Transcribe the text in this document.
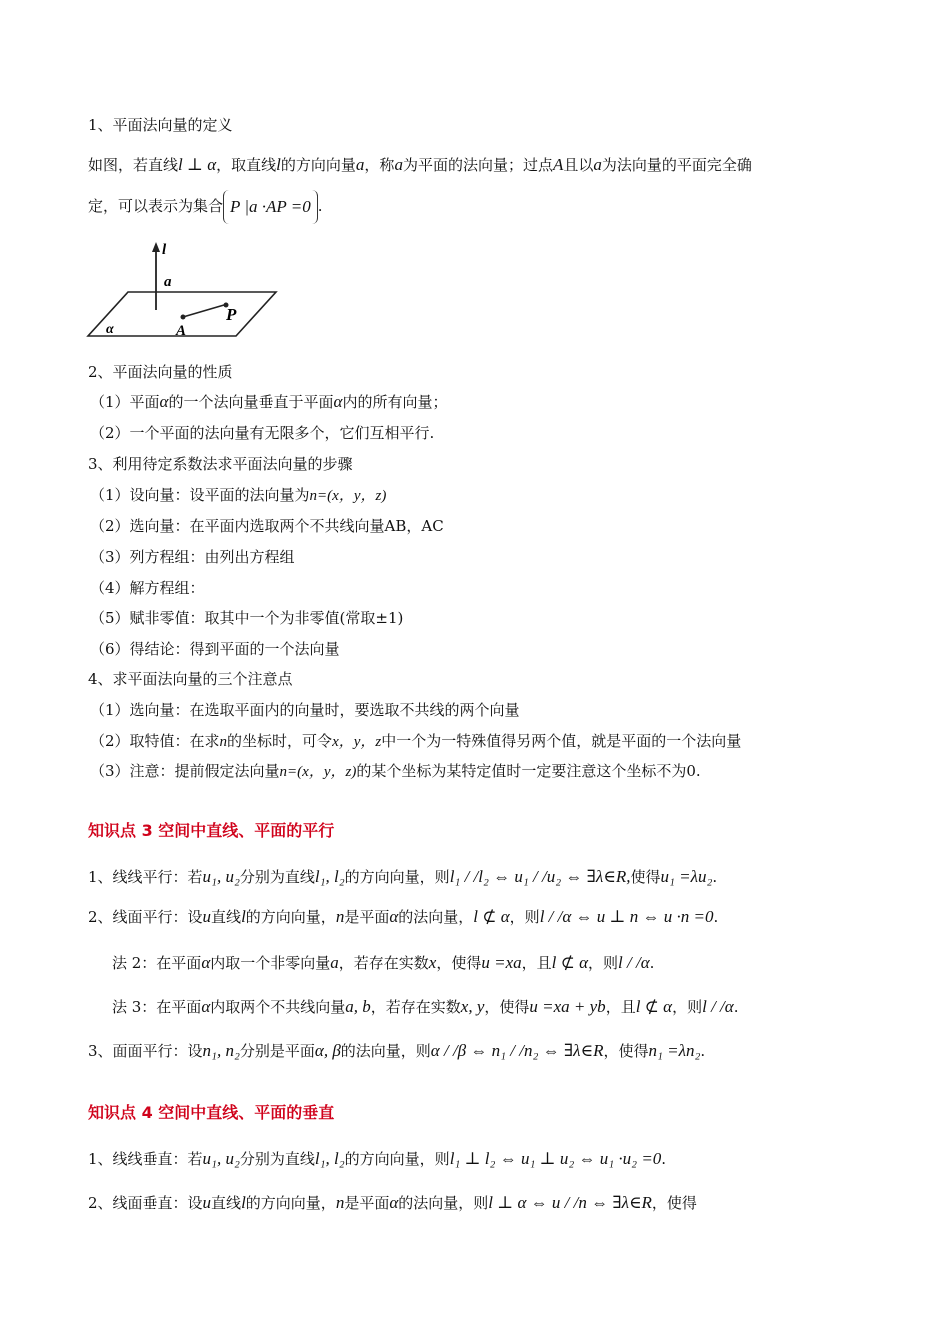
1、平面法向量的定义
如图，若直线l ⊥ α，取直线l的方向向量a，称a为平面的法向量；过点A且以a为法向量的平面完全确
定，可以表示为集合 P |a ·AP =0 .
l
a
A
P
α
2、平面法向量的性质
（1）平面α的一个法向量垂直于平面α内的所有向量；
（2）一个平面的法向量有无限多个，它们互相平行.
3、利用待定系数法求平面法向量的步骤
（1）设向量：设平面的法向量为n=(x，y，z)
（2）选向量：在平面内选取两个不共线向量AB，AC
（3）列方程组：由列出方程组
（4）解方程组：
（5）赋非零值：取其中一个为非零值(常取±1)
（6）得结论：得到平面的一个法向量
4、求平面法向量的三个注意点
（1）选向量：在选取平面内的向量时，要选取不共线的两个向量
（2）取特值：在求n的坐标时，可令x，y，z中一个为一特殊值得另两个值，就是平面的一个法向量
（3）注意：提前假定法向量n=(x，y，z)的某个坐标为某特定值时一定要注意这个坐标不为0.
知识点 3 空间中直线、平面的平行
1、线线平行：若u₁, u₂分别为直线l₁, l₂的方向向量，则l₁ / /l₂ ⇔ u₁ / /u₂ ⇔ ∃λ∈R,使得u₁ =λu₂.
2、线面平行：设u直线l的方向向量，n是平面α的法向量，l ⊄ α，则l / /α ⇔ u ⊥ n ⇔ u ·n =0.
法 2：在平面α内取一个非零向量a，若存在实数x，使得u =xa，且l ⊄ α，则l / /α.
法 3：在平面α内取两个不共线向量a, b，若存在实数x, y，使得u =xa + yb，且l ⊄ α，则l / /α.
3、面面平行：设n₁, n₂分别是平面α, β的法向量，则α / /β ⇔ n₁ / /n₂ ⇔ ∃λ∈R，使得n₁ =λn₂.
知识点 4 空间中直线、平面的垂直
1、线线垂直：若u₁, u₂分别为直线l₁, l₂的方向向量，则l₁ ⊥ l₂ ⇔ u₁ ⊥ u₂ ⇔ u₁ ·u₂ =0.
2、线面垂直：设u直线l的方向向量，n是平面α的法向量，则l ⊥ α ⇔ u / /n ⇔ ∃λ∈R，使得
